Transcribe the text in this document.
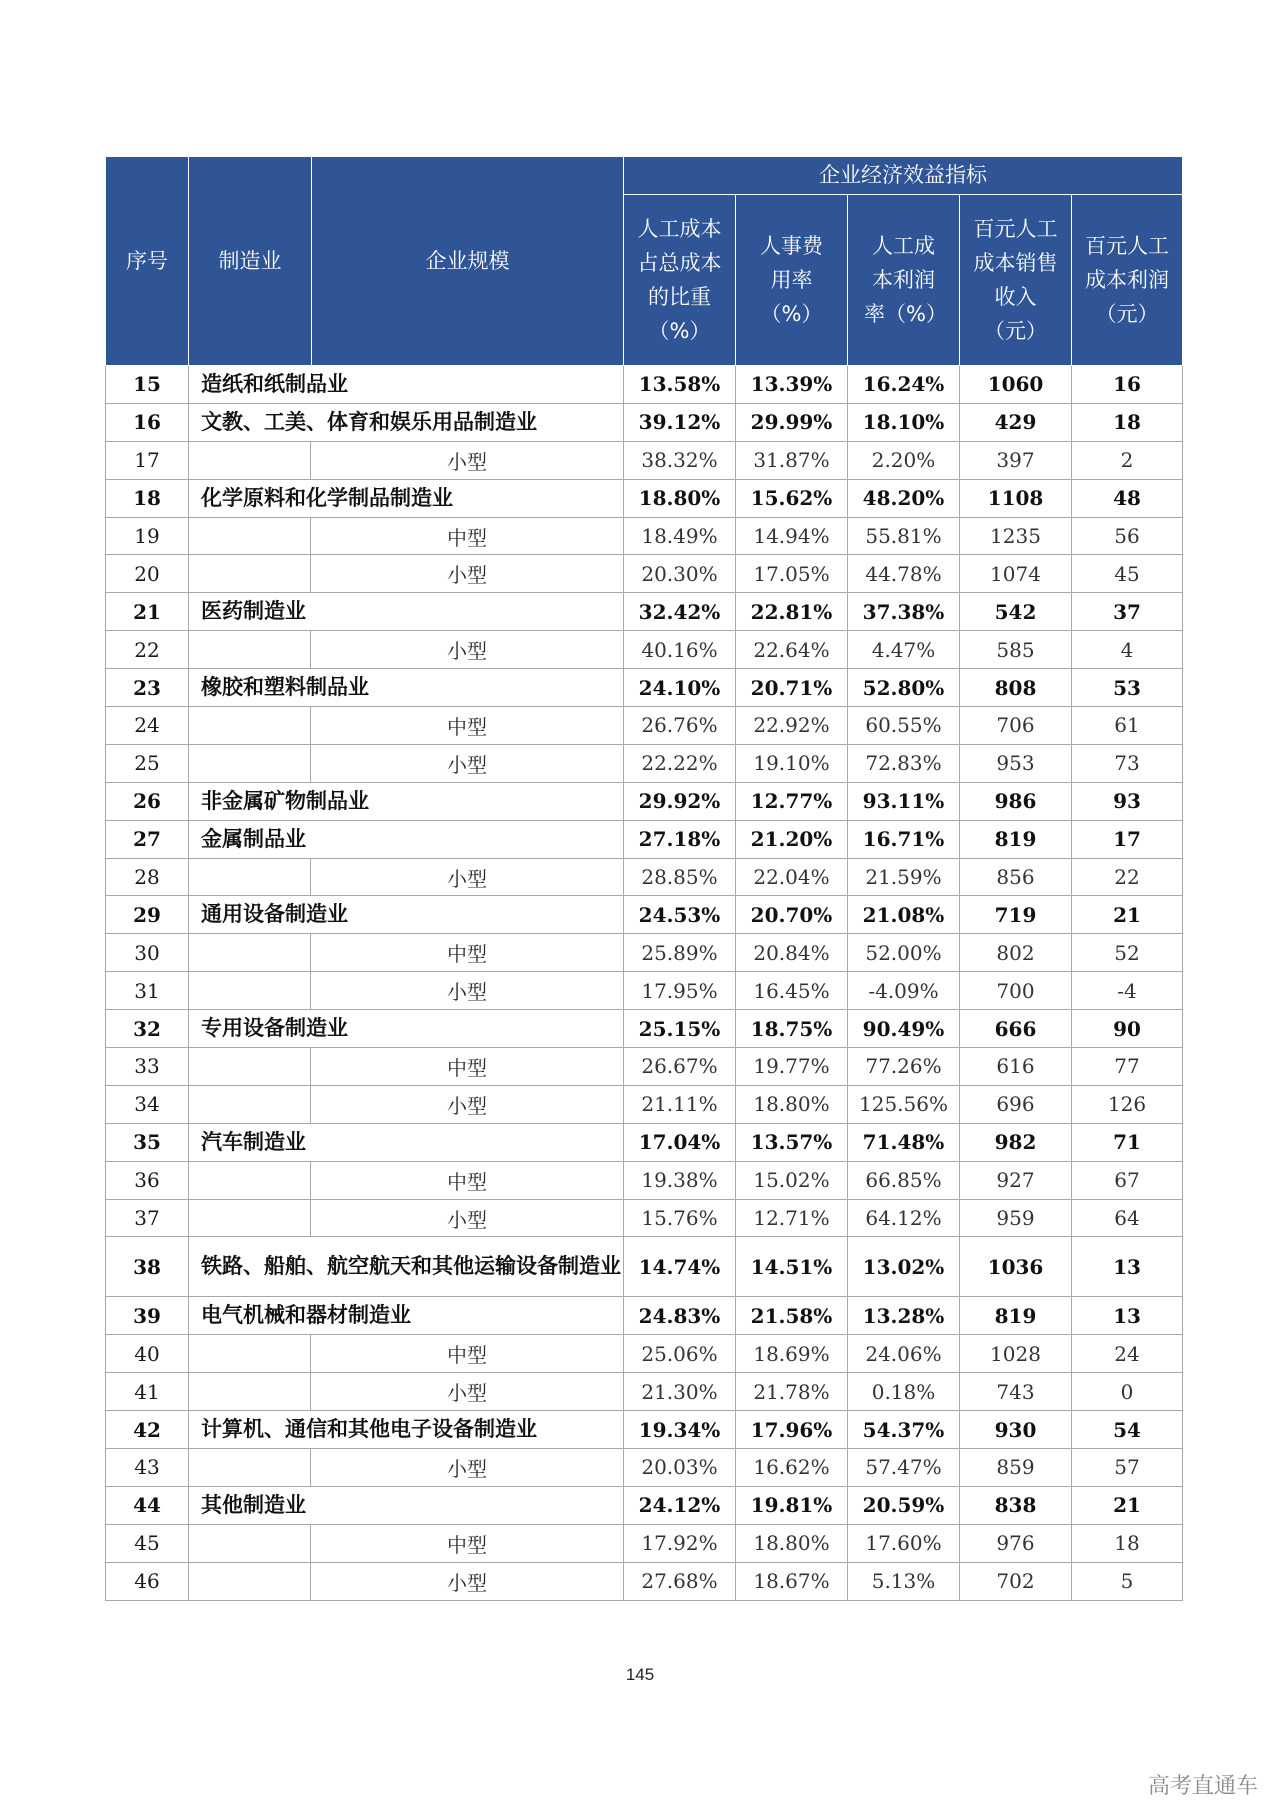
序号	制造业 企业规模		企业经济效益指标				
			人工成本占总成本的比重（%）	人事费用率（%）	人工成本利润率（%）	百元人工成本销售收入（元）	百元人工成本利润（元）
15	造纸和纸制品业		13.58%	13.39%	16.24%	1060	16
16	文教、工美、体育和娱乐用品制造业		39.12%	29.99%	18.10%	429	18
17		小型	38.32%	31.87%	2.20%	397	2
18	化学原料和化学制品制造业		18.80%	15.62%	48.20%	1108	48
19		中型	18.49%	14.94%	55.81%	1235	56
20		小型	20.30%	17.05%	44.78%	1074	45
21	医药制造业		32.42%	22.81%	37.38%	542	37
22		小型	40.16%	22.64%	4.47%	585	4
23	橡胶和塑料制品业		24.10%	20.71%	52.80%	808	53
24		中型	26.76%	22.92%	60.55%	706	61
25		小型	22.22%	19.10%	72.83%	953	73
26	非金属矿物制品业		29.92%	12.77%	93.11%	986	93
27	金属制品业		27.18%	21.20%	16.71%	819	17
28		小型	28.85%	22.04%	21.59%	856	22
29	通用设备制造业		24.53%	20.70%	21.08%	719	21
30		中型	25.89%	20.84%	52.00%	802	52
31		小型	17.95%	16.45%	-4.09%	700	-4
32	专用设备制造业		25.15%	18.75%	90.49%	666	90
33		中型	26.67%	19.77%	77.26%	616	77
34		小型	21.11%	18.80%	125.56%	696	126
35	汽车制造业		17.04%	13.57%	71.48%	982	71
36		中型	19.38%	15.02%	66.85%	927	67
37		小型	15.76%	12.71%	64.12%	959	64
38	铁路、船舶、航空航天和其他运输设备制造业		14.74%	14.51%	13.02%	1036	13
39	电气机械和器材制造业		24.83%	21.58%	13.28%	819	13
40		中型	25.06%	18.69%	24.06%	1028	24
41		小型	21.30%	21.78%	0.18%	743	0
42	计算机、通信和其他电子设备制造业		19.34%	17.96%	54.37%	930	54
43		小型	20.03%	16.62%	57.47%	859	57
44	其他制造业		24.12%	19.81%	20.59%	838	21
45		中型	17.92%	18.80%	17.60%	976	18
46		小型	27.68%	18.67%	5.13%	702	5
145
高考直通车
